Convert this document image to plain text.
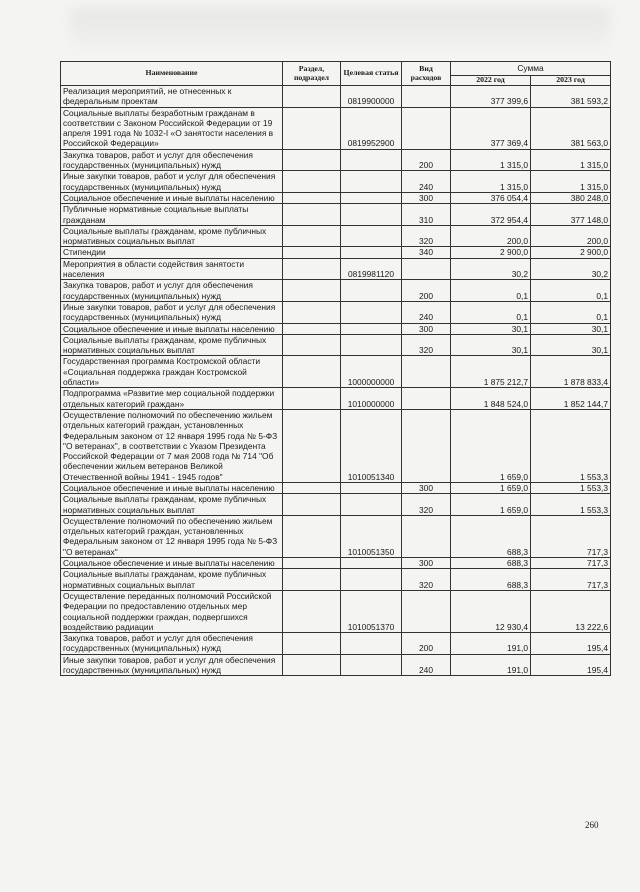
Наименование	Раздел, подраздел	Целевая статья	Вид расходов	Сумма	
				2022 год	2023 год
Реализация мероприятий, не отнесенных к федеральным проектам		0819900000		377 399,6	381 593,2
Социальные выплаты безработным гражданам в соответствии с Законом Российской Федерации от 19 апреля 1991 года № 1032-I «О занятости населения в Российской Федерации»		0819952900		377 369,4	381 563,0
Закупка товаров, работ и услуг для обеспечения государственных (муниципальных) нужд			200	1 315,0	1 315,0
Иные закупки товаров, работ и услуг для обеспечения государственных (муниципальных) нужд			240	1 315,0	1 315,0
Социальное обеспечение и иные выплаты населению			300	376 054,4	380 248,0
Публичные нормативные социальные выплаты гражданам			310	372 954,4	377 148,0
Социальные выплаты гражданам, кроме публичных нормативных социальных выплат			320	200,0	200,0
Стипендии			340	2 900,0	2 900,0
Мероприятия в области содействия занятости населения		0819981120		30,2	30,2
Закупка товаров, работ и услуг для обеспечения государственных (муниципальных) нужд			200	0,1	0,1
Иные закупки товаров, работ и услуг для обеспечения государственных (муниципальных) нужд			240	0,1	0,1
Социальное обеспечение и иные выплаты населению			300	30,1	30,1
Социальные выплаты гражданам, кроме публичных нормативных социальных выплат			320	30,1	30,1
Государственная программа Костромской области «Социальная поддержка граждан Костромской области»		1000000000		1 875 212,7	1 878 833,4
Подпрограмма «Развитие мер социальной поддержки отдельных категорий граждан»		1010000000		1 848 524,0	1 852 144,7
Осуществление полномочий по обеспечению жильем отдельных категорий граждан, установленных Федеральным законом от 12 января 1995 года № 5-ФЗ "О ветеранах", в соответствии с Указом Президента Российской Федерации от 7 мая 2008 года № 714 "Об обеспечении жильем ветеранов Великой Отечественной войны 1941 - 1945 годов"		1010051340		1 659,0	1 553,3
Социальное обеспечение и иные выплаты населению			300	1 659,0	1 553,3
Социальные выплаты гражданам, кроме публичных нормативных социальных выплат			320	1 659,0	1 553,3
Осуществление полномочий по обеспечению жильем отдельных категорий граждан, установленных Федеральным законом от 12 января 1995 года № 5-ФЗ "О ветеранах"		1010051350		688,3	717,3
Социальное обеспечение и иные выплаты населению			300	688,3	717,3
Социальные выплаты гражданам, кроме публичных нормативных социальных выплат			320	688,3	717,3
Осуществление переданных полномочий Российской Федерации по предоставлению отдельных мер социальной поддержки граждан, подвергшихся воздействию радиации		1010051370		12 930,4	13 222,6
Закупка товаров, работ и услуг для обеспечения государственных (муниципальных) нужд			200	191,0	195,4
Иные закупки товаров, работ и услуг для обеспечения государственных (муниципальных) нужд			240	191,0	195,4
260
